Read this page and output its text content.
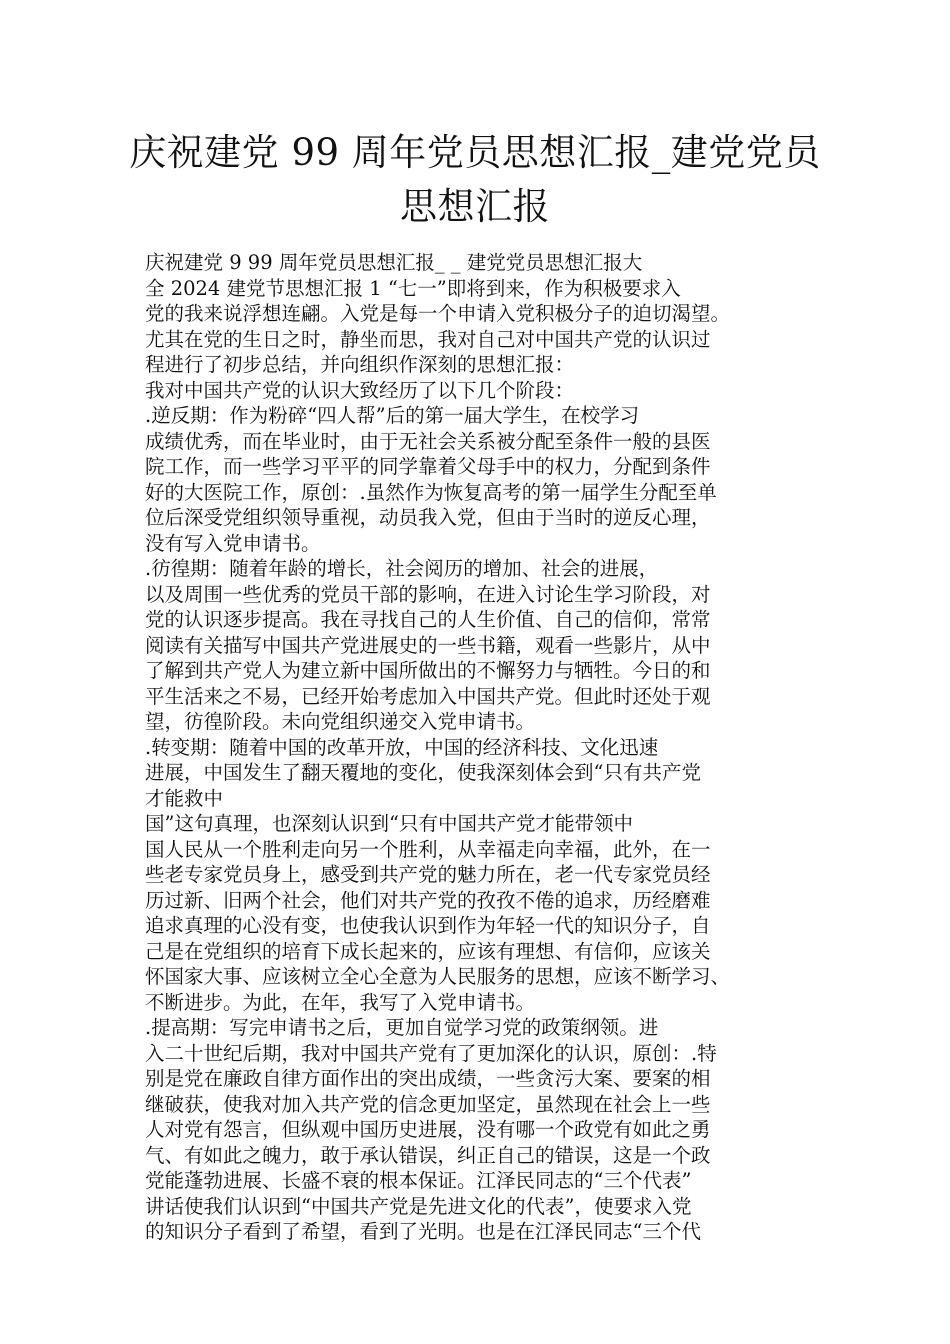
庆祝建党 99 周年党员思想汇报_建党党员
思想汇报
庆祝建党 9 99 周年党员思想汇报_ _ 建党党员思想汇报大
全 2024 建党节思想汇报 1 “七一”即将到来，作为积极要求入
党的我来说浮想连翩。入党是每一个申请入党积极分子的迫切渴望。
尤其在党的生日之时，静坐而思，我对自己对中国共产党的认识过
程进行了初步总结，并向组织作深刻的思想汇报：
我对中国共产党的认识大致经历了以下几个阶段：
.逆反期：作为粉碎“四人帮”后的第一届大学生，在校学习
成绩优秀，而在毕业时，由于无社会关系被分配至条件一般的县医
院工作，而一些学习平平的同学靠着父母手中的权力，分配到条件
好的大医院工作，原创：.虽然作为恢复高考的第一届学生分配至单
位后深受党组织领导重视，动员我入党，但由于当时的逆反心理，
没有写入党申请书。
.彷徨期：随着年龄的增长，社会阅历的增加、社会的进展，
以及周围一些优秀的党员干部的影响，在进入讨论生学习阶段，对
党的认识逐步提高。我在寻找自己的人生价值、自己的信仰，常常
阅读有关描写中国共产党进展史的一些书籍，观看一些影片，从中
了解到共产党人为建立新中国所做出的不懈努力与牺牲。今日的和
平生活来之不易，已经开始考虑加入中国共产党。但此时还处于观
望，彷徨阶段。未向党组织递交入党申请书。
.转变期：随着中国的改革开放，中国的经济科技、文化迅速
进展，中国发生了翻天覆地的变化，使我深刻体会到“只有共产党
才能救中
国”这句真理，也深刻认识到“只有中国共产党才能带领中
国人民从一个胜利走向另一个胜利，从幸福走向幸福，此外，在一
些老专家党员身上，感受到共产党的魅力所在，老一代专家党员经
历过新、旧两个社会，他们对共产党的孜孜不倦的追求，历经磨难
追求真理的心没有变，也使我认识到作为年轻一代的知识分子，自
己是在党组织的培育下成长起来的，应该有理想、有信仰，应该关
怀国家大事、应该树立全心全意为人民服务的思想，应该不断学习、
不断进步。为此，在年，我写了入党申请书。
.提高期：写完申请书之后，更加自觉学习党的政策纲领。进
入二十世纪后期，我对中国共产党有了更加深化的认识，原创：.特
别是党在廉政自律方面作出的突出成绩，一些贪污大案、要案的相
继破获，使我对加入共产党的信念更加坚定，虽然现在社会上一些
人对党有怨言，但纵观中国历史进展，没有哪一个政党有如此之勇
气、有如此之魄力，敢于承认错误，纠正自己的错误，这是一个政
党能蓬勃进展、长盛不衰的根本保证。江泽民同志的“三个代表”
讲话使我们认识到“中国共产党是先进文化的代表”，使要求入党
的知识分子看到了希望，看到了光明。也是在江泽民同志“三个代
